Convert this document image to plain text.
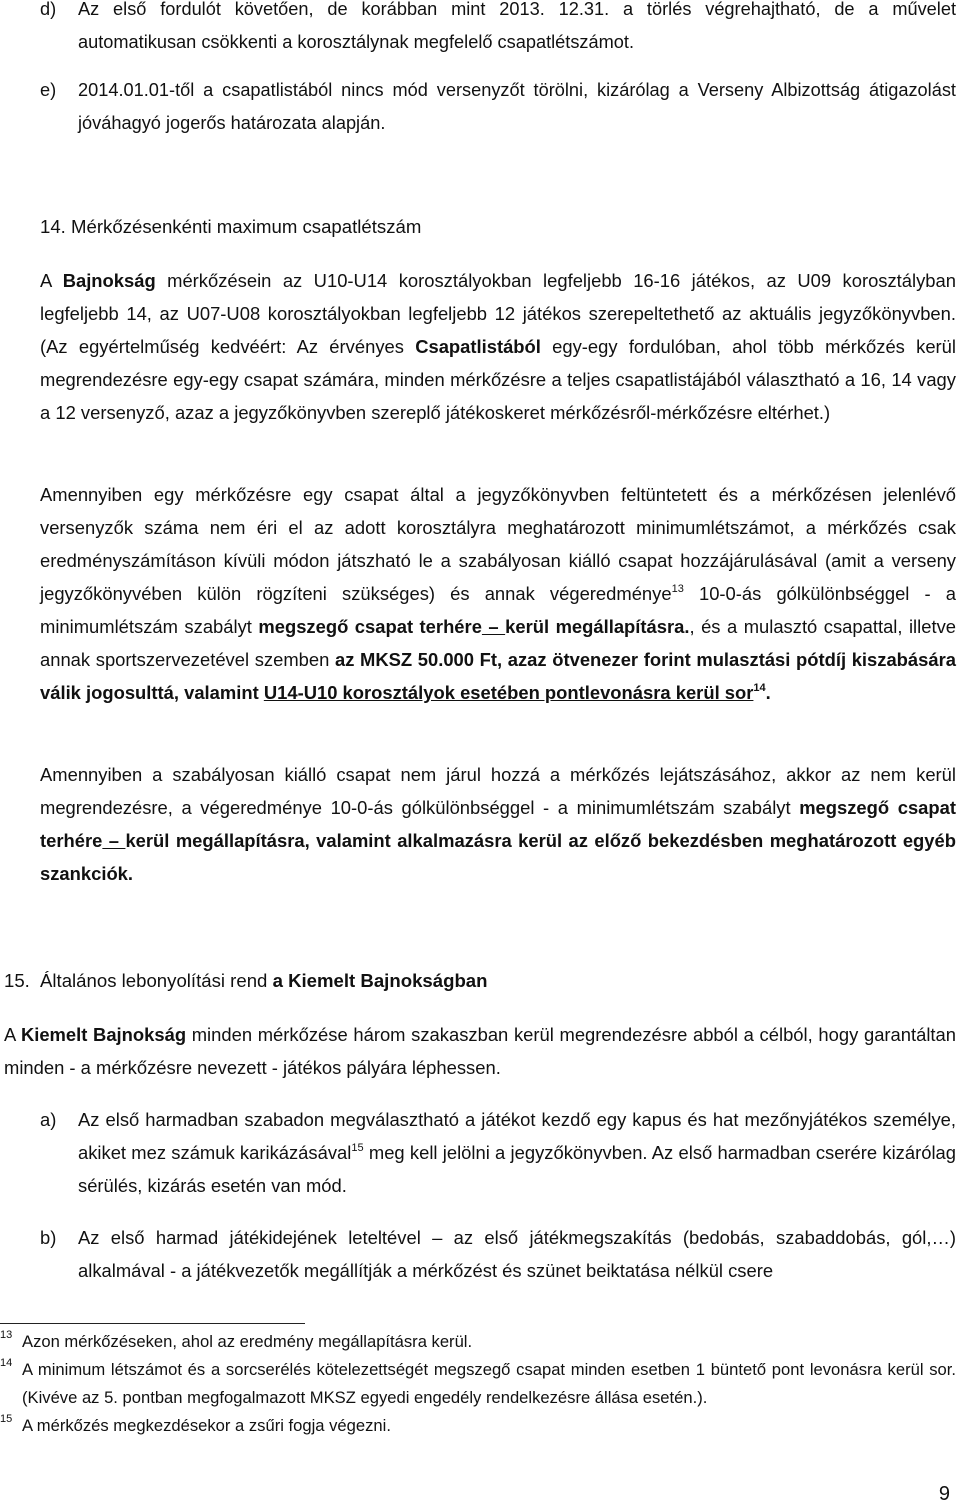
d)	Az első fordulót követően, de korábban mint 2013. 12.31. a törlés végrehajtható, de a művelet automatikusan csökkenti a korosztálynak megfelelő csapatlétszámot.
e)	2014.01.01-től a csapatlistából nincs mód versenyzőt törölni, kizárólag a Verseny Albizottság átigazolást jóváhagyó jogerős határozata alapján.
14. Mérkőzésenkénti maximum csapatlétszám
A Bajnokság mérkőzésein az U10-U14 korosztályokban legfeljebb 16-16 játékos, az U09 korosztályban legfeljebb 14, az U07-U08 korosztályokban legfeljebb 12 játékos szerepeltethető az aktuális jegyzőkönyvben. (Az egyértelműség kedvéért: Az érvényes Csapatlistából egy-egy fordulóban, ahol több mérkőzés kerül megrendezésre egy-egy csapat számára, minden mérkőzésre a teljes csapatlistájából választható a 16, 14 vagy a 12 versenyző, azaz a jegyzőkönyvben szereplő játékoskeret mérkőzésről-mérkőzésre eltérhet.)
Amennyiben egy mérkőzésre egy csapat által a jegyzőkönyvben feltüntetett és a mérkőzésen jelenlévő versenyzők száma nem éri el az adott korosztályra meghatározott minimumlétszámot, a mérkőzés csak eredményszámításon kívüli módon játszható le a szabályosan kiálló csapat hozzájárulásával (amit a verseny jegyzőkönyvében külön rögzíteni szükséges) és annak végeredménye$^{13}$ 10-0-ás gólkülönbséggel - a minimumlétszám szabályt megszegő csapat terhére – kerül megállapításra., és a mulasztó csapattal, illetve annak sportszervezetével szemben az MKSZ 50.000 Ft, azaz ötvenezer forint mulasztási pótdíj kiszabására válik jogosulttá, valamint U14-U10 korosztályok esetében pontlevonásra kerül sor$^{14}$.
Amennyiben a szabályosan kiálló csapat nem járul hozzá a mérkőzés lejátszásához, akkor az nem kerül megrendezésre, a végeredménye 10-0-ás gólkülönbséggel - a minimumlétszám szabályt megszegő csapat terhére – kerül megállapításra, valamint alkalmazásra kerül az előző bekezdésben meghatározott egyéb szankciók.
15. Általános lebonyolítási rend a Kiemelt Bajnokságban
A Kiemelt Bajnokság minden mérkőzése három szakaszban kerül megrendezésre abból a célból, hogy garantáltan minden - a mérkőzésre nevezett - játékos pályára léphessen.
a)	Az első harmadban szabadon megválasztható a játékot kezdő egy kapus és hat mezőnyjátékos személye, akiket mez számuk karikázásával$^{15}$ meg kell jelölni a jegyzőkönyvben. Az első harmadban cserére kizárólag sérülés, kizárás esetén van mód.
b)	Az első harmad játékidejének leteltével – az első játékmegszakítás (bedobás, szabaddobás, gól,…) alkalmával - a játékvezetők megállítják a mérkőzést és szünet beiktatása nélkül csere
13 Azon mérkőzéseken, ahol az eredmény megállapításra kerül.
14 A minimum létszámot és a sorcserélés kötelezettségét megszegő csapat minden esetben 1 büntető pont levonásra kerül sor. (Kivéve az 5. pontban megfogalmazott MKSZ egyedi engedély rendelkezésre állása esetén.).
15 A mérkőzés megkezdésekor a zsűri fogja végezni.
9
